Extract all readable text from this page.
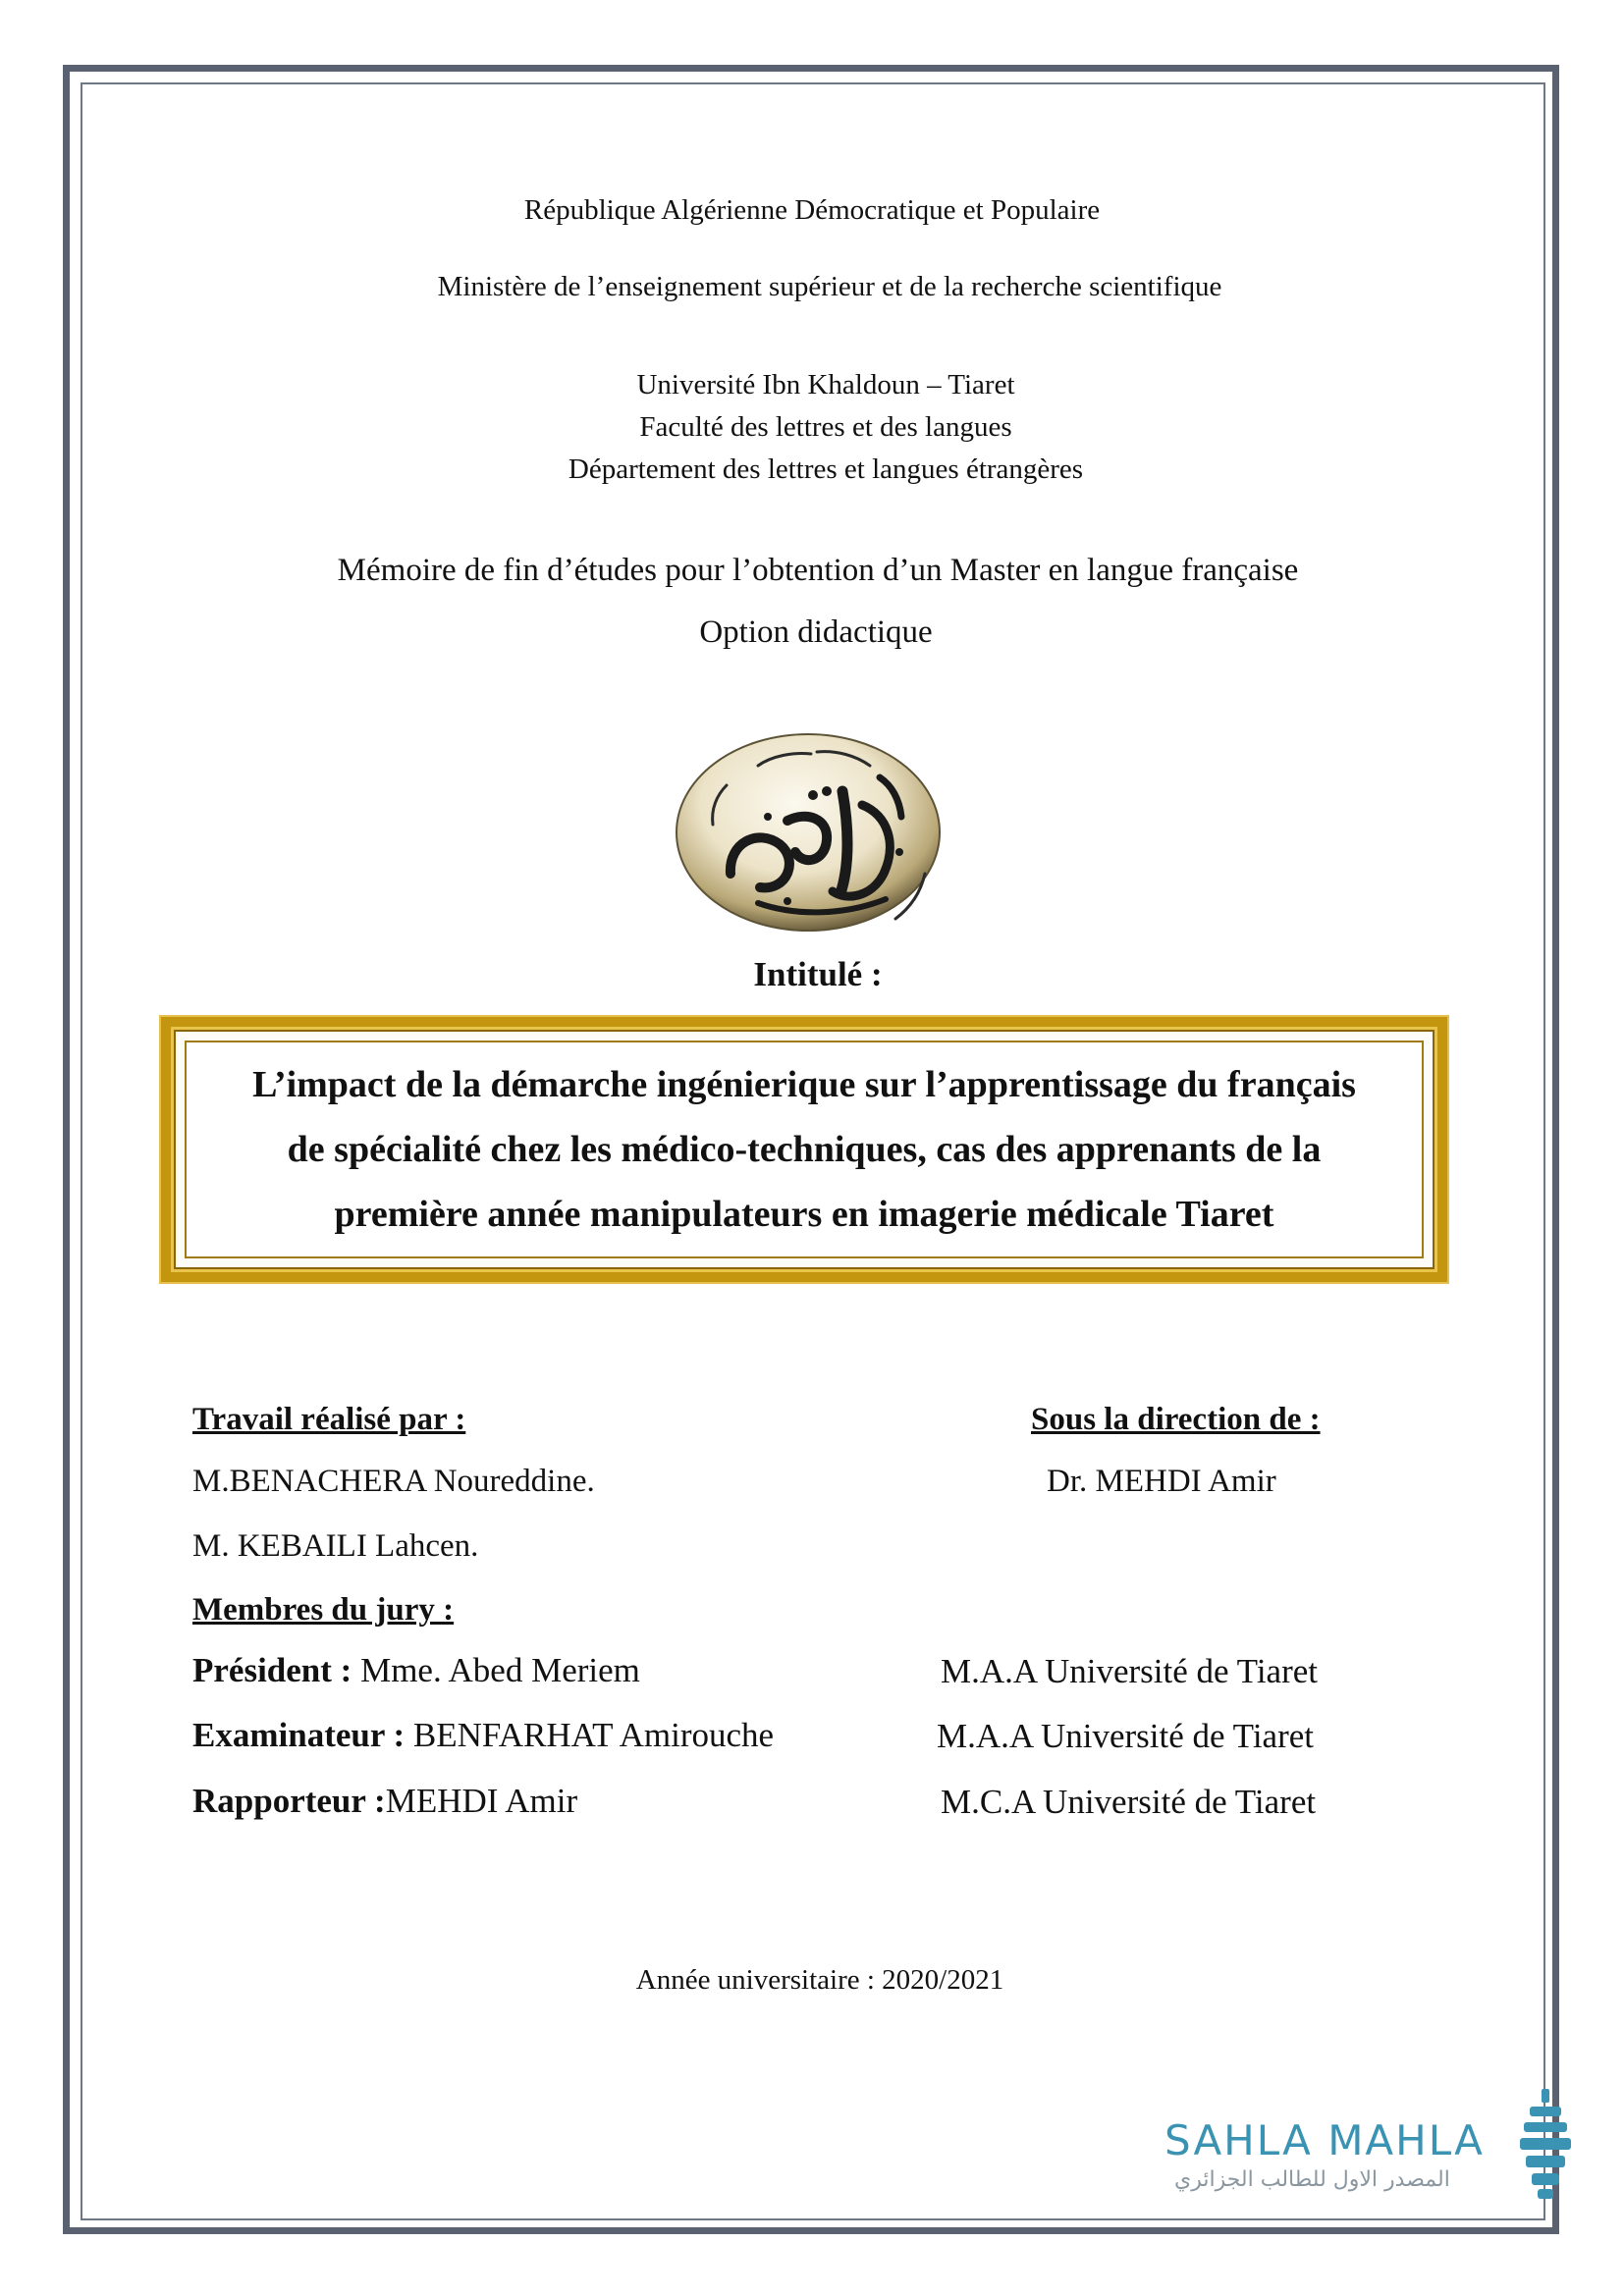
République Algérienne Démocratique et Populaire
Ministère de l’enseignement supérieur et de la recherche scientifique
Université Ibn Khaldoun – Tiaret
Faculté des lettres et des langues
Département des lettres et langues étrangères
Mémoire de fin d’études pour l’obtention d’un Master en langue française
Option didactique
Intitulé :
L’impact de la démarche ingénierique sur l’apprentissage du français
de spécialité chez les médico-techniques, cas des apprenants de la
première année manipulateurs en imagerie médicale Tiaret
Travail réalisé par :	Sous la direction de :
M.BENACHERA Noureddine.	Dr. MEHDI Amir
M. KEBAILI Lahcen.
Membres du jury :
Président : Mme. Abed Meriem	M.A.A Université de Tiaret
Examinateur : BENFARHAT Amirouche	M.A.A Université de Tiaret
Rapporteur :MEHDI Amir	M.C.A Université de Tiaret
Année universitaire : 2020/2021
SAHLA MAHLA
المصدر الاول للطالب الجزائري
